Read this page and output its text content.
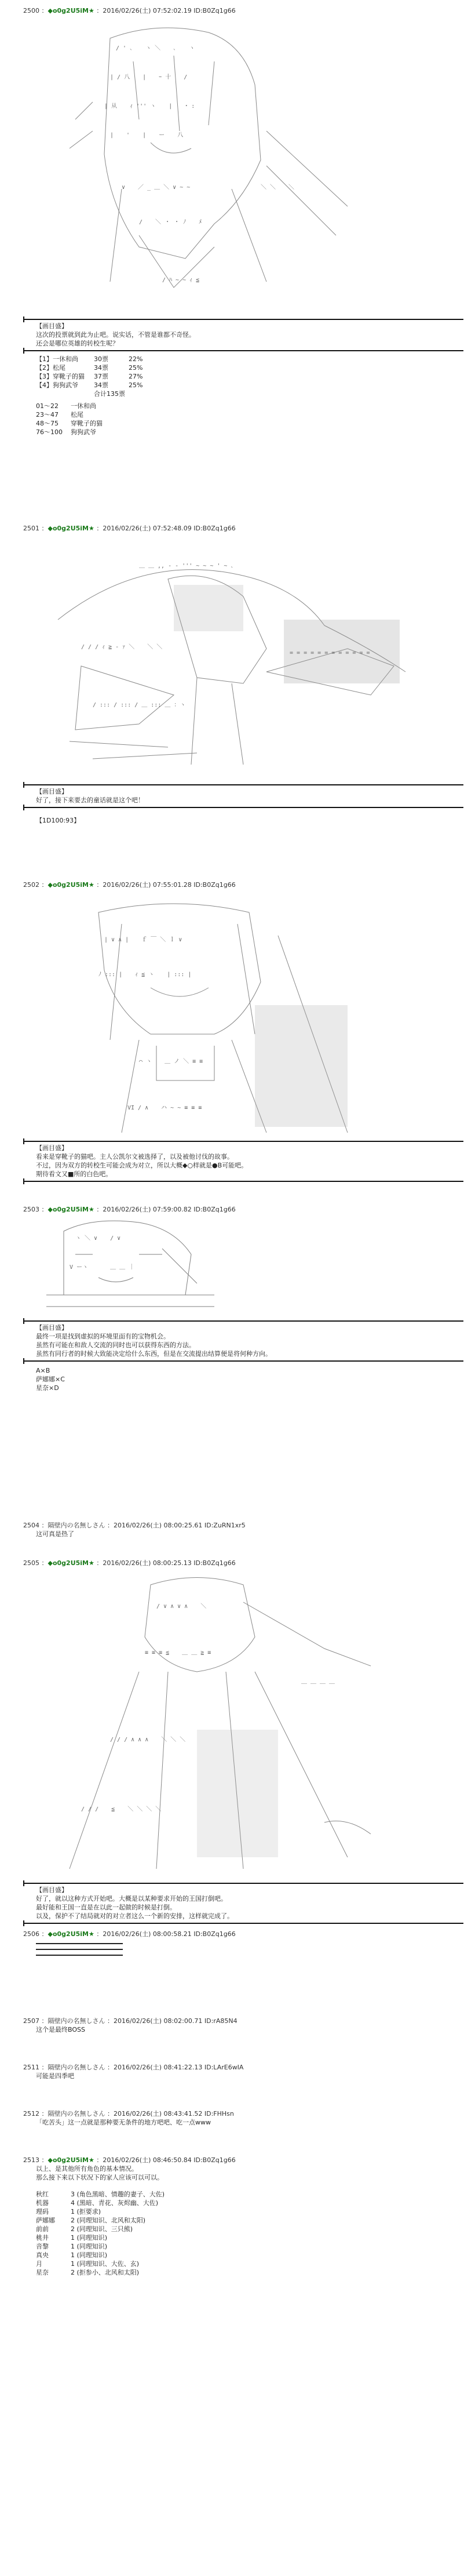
2500 ：◆o0g2U5iM★ ：2016/02/26(土) 07:52:02.19 ID:B0Zq1g66
/ ' ､ 　 ヽ ＼ 　 ､ 　 ヽ
| / 八 　 | 　 ｰ 十 　 /
| 从 　 ｨ ''' ヽ 　 | 　 ･ :
| 　 ' 　 | 　 ー 　 八
∨ 　 ／ _ ＿ ＼ ∨ ~ ~
/ 　 ＼ ・ ・ ﾉ 　 ﾒ
＼ ＼ 　 ＼
/ ﾊ ~ ~ ｨ ≦
【画目盛】
这次的投票就到此为止吧。说实话，不管是谁都不奇怪。
还会是哪位英雄的转校生呢？
【1】一休和尚	30票	22%
【2】松尾	34票	25%
【3】穿靴子的猫	37票	27%
【4】狗狗武爷	34票	25%
合计135票
01～22	一休和尚
23～47	松尾
48～75	穿靴子的猫
76～100	狗狗武爷
2501 ：◆o0g2U5iM★ ：2016/02/26(土) 07:52:48.09 ID:B0Zq1g66
＿ ＿ ,, - ‐ ''' ~ ~ ~ ' ~ ､
/ / / ｨ ≧ ‐ ｧ ＼ 　 ＼ ＼
= = = = = = = = = = = =
/ ::: / ::: / ＿ ::: ＿ ：ヽ
【画目盛】
好了，接下来要去的童话就是这个吧！
【1D100:93】
2502 ：◆o0g2U5iM★ ：2016/02/26(土) 07:55:01.28 ID:B0Zq1g66
| ∨ ∧ | 　 ｆ ￣ ＼ ｌ ∨
ﾉ ::: | 　 ｨ ≦ ヽ 　 | ::: |
⌒ ヽ 　 ＿ ノ ＼ ≡ ≡
VI / ∧ 　 ハ ~ ~ ≡ ≡ ≡
【画目盛】
看来是穿靴子的猫吧。主人公凯尔文被选择了，以及被他讨伐的故事。
不过，因为双方的转校生可能会成为对立，所以大概◆○样就是●B可能吧。
期待看文又■所的白色吧。
2503 ：◆o0g2U5iM★ ：2016/02/26(土) 07:59:00.82 ID:B0Zq1g66
ヽ ＼ ∨ 　 / ∨
V ーヽ 　 　 ＿ ＿ ｜
【画目盛】
最终一项是找到虚拟的环境里面有的宝物机会。
虽然有可能在和敌人交流的同时也可以获得东西的方法。
虽然有同行者的时候大致能决定给什么东西，但是在交流提出结算便是将何种方向。
A×B
萨娜娜×C
星奈×D
2504 ：隔壁内の名無しさん ：2016/02/26(土) 08:00:25.61 ID:ZuRN1xr5
这可真是热了
2505 ：◆o0g2U5iM★ ：2016/02/26(土) 08:00:25.13 ID:B0Zq1g66
/ ∨ ∧ ∨ ∧ 　 ＼
≡ ≡ ≡ ≦ 　 ＿ ＿ ≧ ≡
/ / / ∧ ∧ ∧ 　 ＼ ＼ ＼
/ / / 　 ≦ 　 ＼ ＼ ＼ ＼
＿ ＿ ＿ ＿
【画目盛】
好了，就以这种方式开始吧。大概是以某种要求开始的王国打倒吧。
最好能和王国一直是在以此一起做的时候是打倒。
以及，保护不了结局就对的对立者这么一个新的安排，这样就完成了。
2506 ：◆o0g2U5iM★ ：2016/02/26(土) 08:00:58.21 ID:B0Zq1g66
2507 ：隔壁内の名無しさん ：2016/02/26(土) 08:02:00.71 ID:rA85N4
这个是最终BOSS
2511 ：隔壁内の名無しさん ：2016/02/26(土) 08:41:22.13 ID:LArE6wIA
可能是四季吧
2512 ：隔壁内の名無しさん ：2016/02/26(土) 08:43:41.52 ID:FHHsn
「吃苦头」这一点就是那种要无条件的地方吧吧、吃一点www
2513 ：◆o0g2U5iM★ ：2016/02/26(土) 08:46:50.84 ID:B0Zq1g66
以上、是其他所有角色的基本情况。
那么接下来以下状况下的家人应该可以可以。
秋红	3 (角色黑暗、情趣的妻子、大佐)
机器	4 (黑暗、青花、灰烬幽、大佐)
理码	1 (拒要求)
萨娜娜	2 (同理知识、北风和太阳)
前前	2 (同理知识、三只熊)
桃井	1 (同理知识)
音黎	1 (同理知识)
真央	1 (同理知识)
月	1 (同理知识、大佐、玄)
星奈	2 (拒参小、北风和太阳)
